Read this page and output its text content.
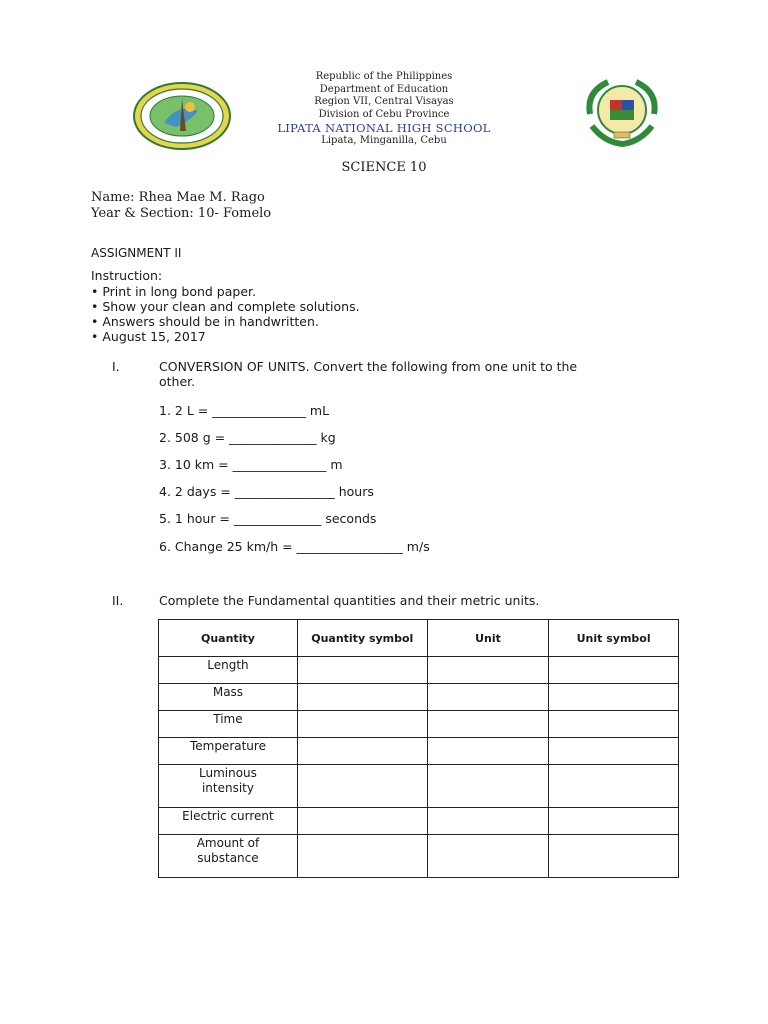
Republic of the Philippines
Department of Education
Region VII, Central Visayas
Division of Cebu Province
LIPATA NATIONAL HIGH SCHOOL
Lipata, Minganilla, Cebu
SCIENCE 10
Name: Rhea Mae M. Rago
Year & Section: 10- Fomelo
ASSIGNMENT II
Instruction:
• Print in long bond paper.
• Show your clean and complete solutions.
• Answers should be in handwritten.
• August 15, 2017
I.	CONVERSION OF UNITS. Convert the following from one unit to the
other.
1. 2 L = _______________ mL
2. 508 g = ______________ kg
3. 10 km = _______________ m
4. 2 days = ________________ hours
5. 1 hour = ______________ seconds
6. Change 25 km/h = _________________ m/s
II.	Complete the Fundamental quantities and their metric units.
Quantity	Quantity symbol	Unit	Unit symbol
Length			
Mass			
Time			
Temperature			
Luminous intensity			
Electric current			
Amount of substance			
